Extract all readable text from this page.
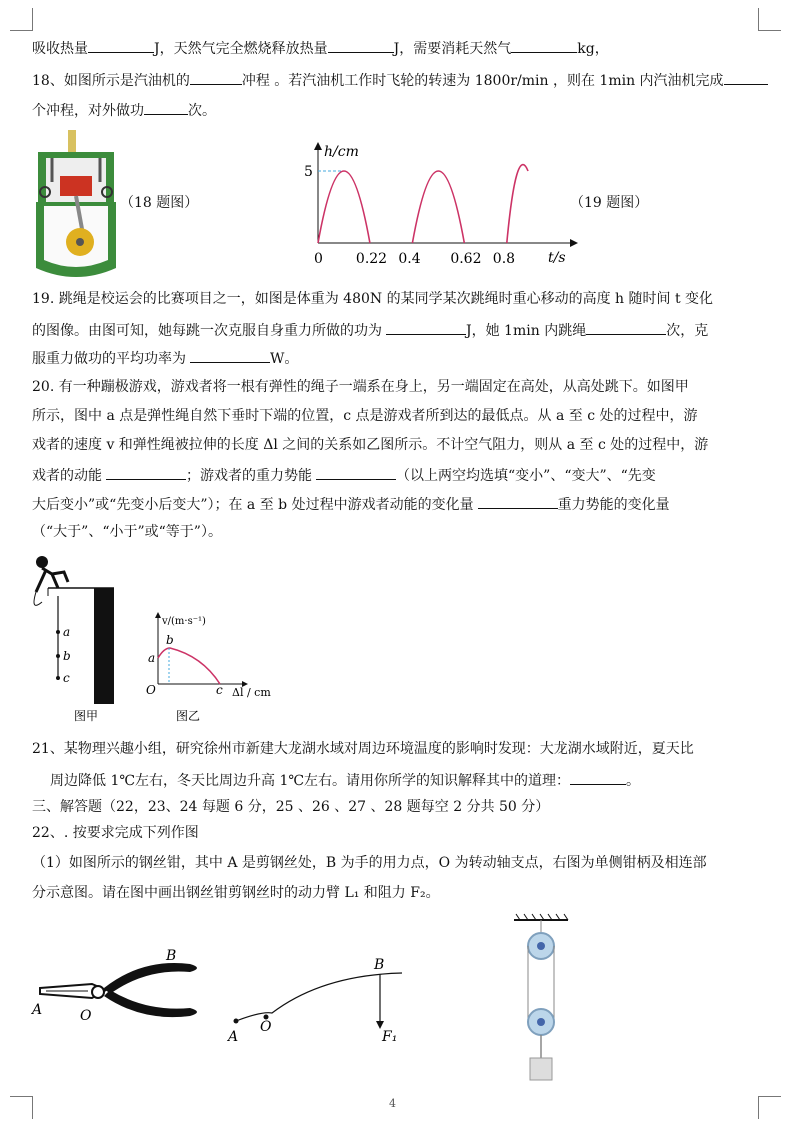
吸收热量	J，天然气完全燃烧释放热量	J，需要消耗天然气	kg，
18、如图所示是汽油机的	冲程 。若汽油机工作时飞轮的转速为 1800r/min ，则在 1min 内汽油机完成
个冲程，对外做功	次。
（18 题图）
h/cm
t/s
0 0.22 0.4 0.62 0.8
5
（19 题图）
19. 跳绳是校运会的比赛项目之一，如图是体重为 480N 的某同学某次跳绳时重心移动的高度 h 随时间 t 变化
的图像。由图可知，她每跳一次克服自身重力所做的功为	J，她 1min 内跳绳	次，克
服重力做功的平均功率为	W。
20. 有一种蹦极游戏，游戏者将一根有弹性的绳子一端系在身上，另一端固定在高处，从高处跳下。如图甲
所示，图中 a 点是弹性绳自然下垂时下端的位置，c 点是游戏者所到达的最低点。从 a 至 c 处的过程中，游
戏者的速度 v 和弹性绳被拉伸的长度 Δl 之间的关系如乙图所示。不计空气阻力，则从 a 至 c 处的过程中，游
戏者的动能	；游戏者的重力势能	（以上两空均选填“变小”、“变大”、“先变
大后变小”或“先变小后变大”）；在 a 至 b 处过程中游戏者动能的变化量	重力势能的变化量
（“大于”、“小于”或“等于”）。
a
b
c
图甲
v/(m·s⁻¹)
Δl / cm
O
a
b
c
图乙
21、某物理兴趣小组，研究徐州市新建大龙湖水域对周边环境温度的影响时发现：大龙湖水域附近，夏天比
周边降低 1℃左右，冬天比周边升高 1℃左右。请用你所学的知识解释其中的道理：	。
三、解答题（22，23、24 每题 6 分，25 、26 、27 、28 题每空 2 分共 50 分）
22、. 按要求完成下列作图
（1）如图所示的钢丝钳，其中 A 是剪钢丝处，B 为手的用力点，O 为转动轴支点，右图为单侧钳柄及相连部
分示意图。请在图中画出钢丝钳剪钢丝时的动力臂 L₁ 和阻力 F₂。
A
B
O
A
O
B
F₁
4
